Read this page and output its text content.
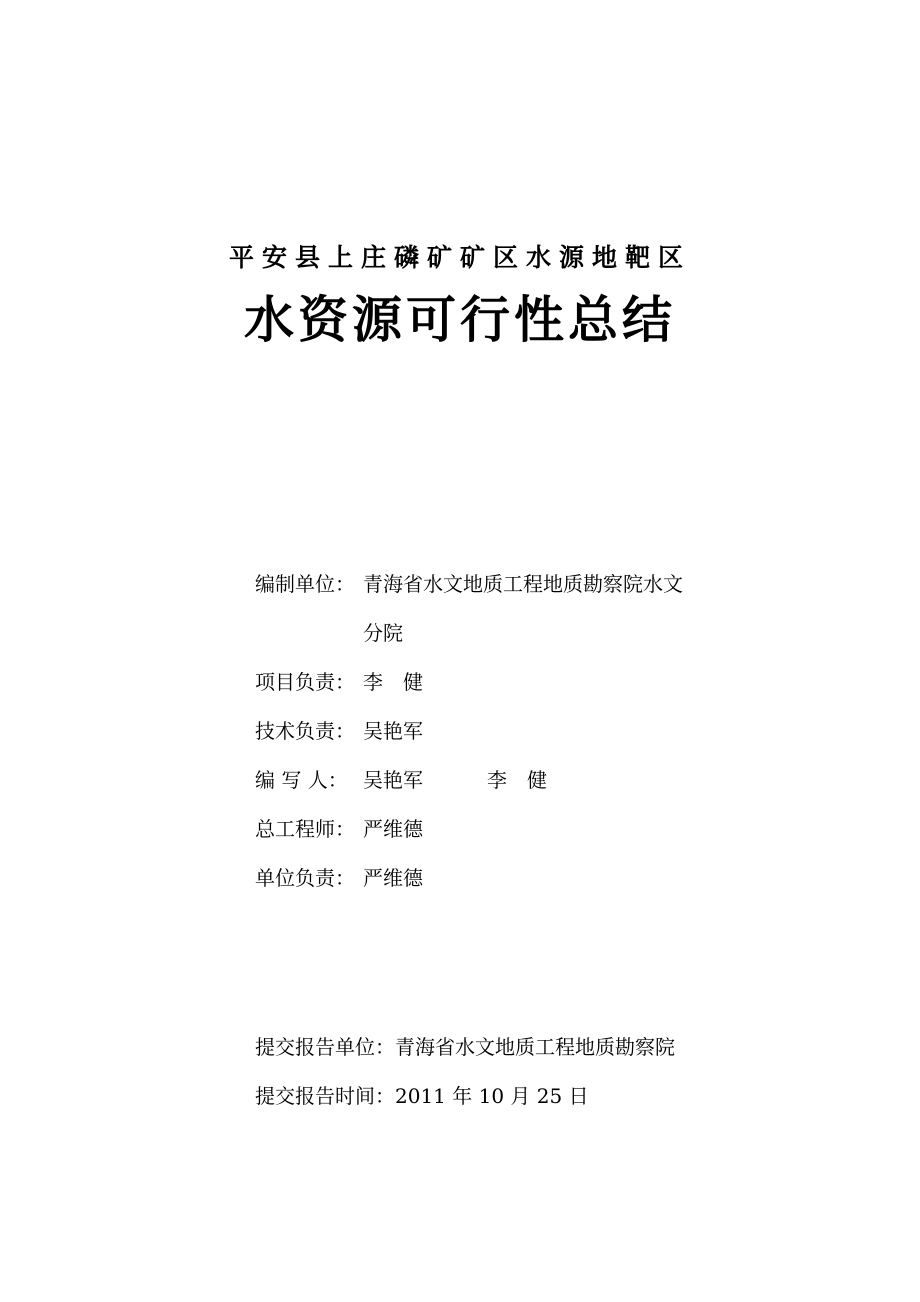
平安县上庄磷矿矿区水源地靶区
水资源可行性总结
编制单位： 青海省水文地质工程地质勘察院水文
分院
项目负责： 李　健
技术负责： 吴艳军
编 写 人： 吴艳军	李　健
总工程师： 严维德
单位负责： 严维德
提交报告单位：青海省水文地质工程地质勘察院
提交报告时间：2011 年 10 月 25 日
